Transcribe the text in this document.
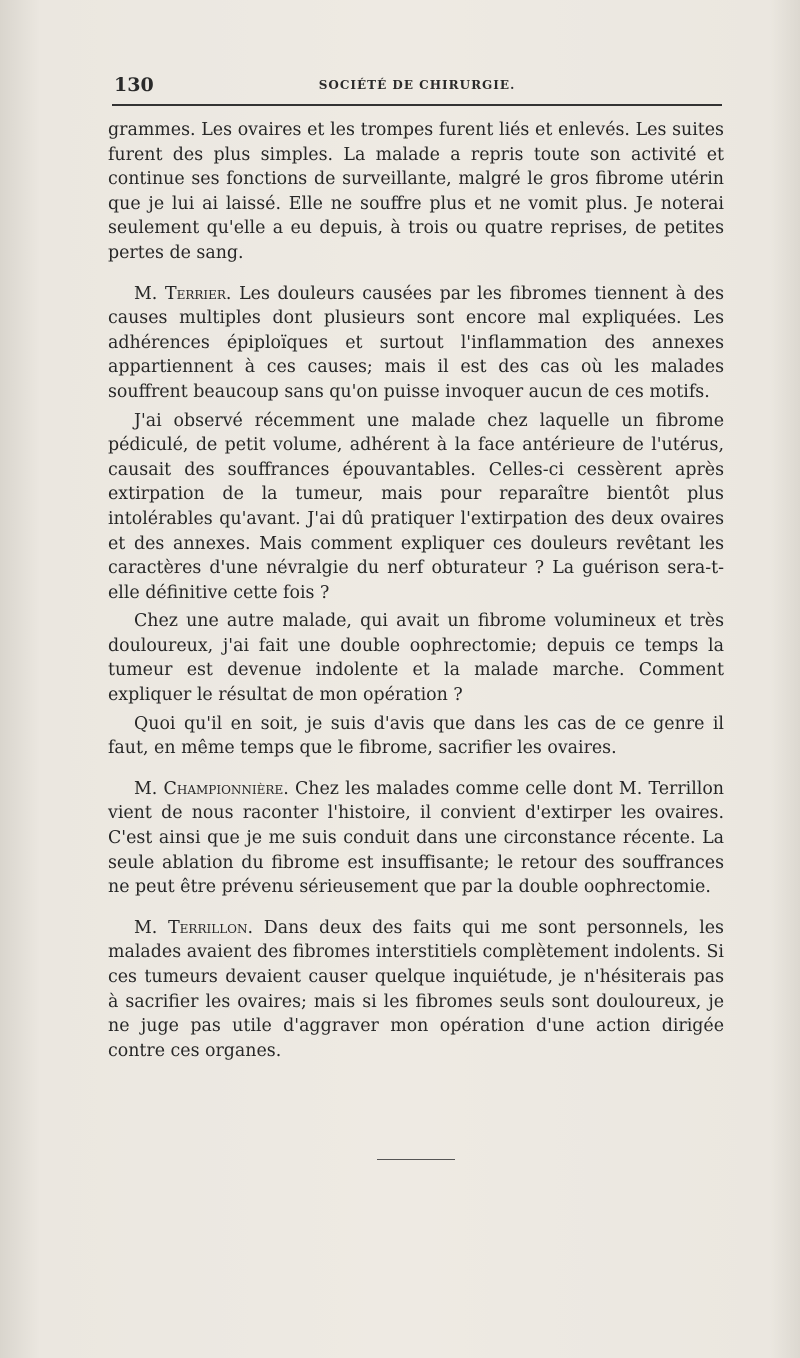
130	SOCIÉTÉ DE CHIRURGIE.

grammes. Les ovaires et les trompes furent liés et enlevés. Les suites furent des plus simples. La malade a repris toute son activité et continue ses fonctions de surveillante, malgré le gros fibrome utérin que je lui ai laissé. Elle ne souffre plus et ne vomit plus. Je noterai seulement qu'elle a eu depuis, à trois ou quatre reprises, de petites pertes de sang.

M. Terrier. Les douleurs causées par les fibromes tiennent à des causes multiples dont plusieurs sont encore mal expliquées. Les adhérences épiploïques et surtout l'inflammation des annexes appartiennent à ces causes; mais il est des cas où les malades souffrent beaucoup sans qu'on puisse invoquer aucun de ces motifs.

J'ai observé récemment une malade chez laquelle un fibrome pédiculé, de petit volume, adhérent à la face antérieure de l'utérus, causait des souffrances épouvantables. Celles-ci cessèrent après extirpation de la tumeur, mais pour reparaître bientôt plus intolérables qu'avant. J'ai dû pratiquer l'extirpation des deux ovaires et des annexes. Mais comment expliquer ces douleurs revêtant les caractères d'une névralgie du nerf obturateur ? La guérison sera-t-elle définitive cette fois ?

Chez une autre malade, qui avait un fibrome volumineux et très douloureux, j'ai fait une double oophrectomie; depuis ce temps la tumeur est devenue indolente et la malade marche. Comment expliquer le résultat de mon opération ?

Quoi qu'il en soit, je suis d'avis que dans les cas de ce genre il faut, en même temps que le fibrome, sacrifier les ovaires.

M. Championnière. Chez les malades comme celle dont M. Terrillon vient de nous raconter l'histoire, il convient d'extirper les ovaires. C'est ainsi que je me suis conduit dans une circonstance récente. La seule ablation du fibrome est insuffisante; le retour des souffrances ne peut être prévenu sérieusement que par la double oophrectomie.

M. Terrillon. Dans deux des faits qui me sont personnels, les malades avaient des fibromes interstitiels complètement indolents. Si ces tumeurs devaient causer quelque inquiétude, je n'hésiterais pas à sacrifier les ovaires; mais si les fibromes seuls sont douloureux, je ne juge pas utile d'aggraver mon opération d'une action dirigée contre ces organes.
